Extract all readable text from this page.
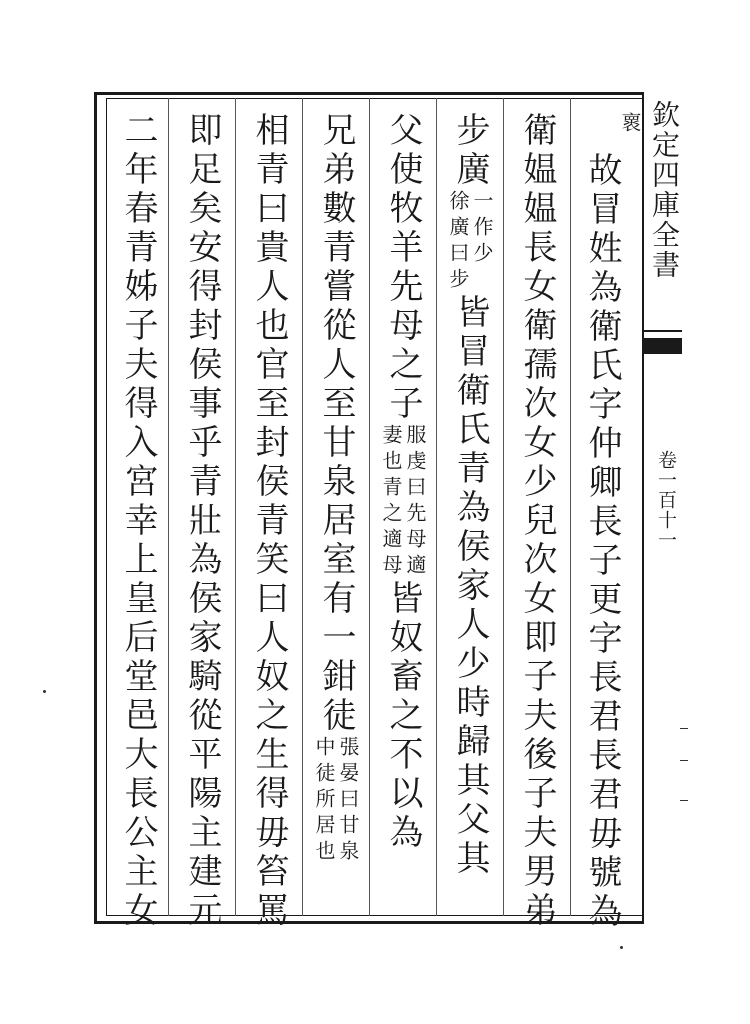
欽定四庫全書
卷一百十一
褱
故冒姓為衛氏字仲卿長子更字長君長君毋號為
衛媪媪長女衛孺次女少兒次女即子夫後子夫男弟
步廣
一作少
徐廣曰步
皆冒衛氏青為侯家人少時歸其父其
父使牧羊先母之子
服虔曰先母適
妻也青之適母
皆奴畜之不以為
兄弟數青嘗從人至甘泉居室有一鉗徒
張晏曰甘泉
中徒所居也
相青曰貴人也官至封侯青笑曰人奴之生得毋笞罵
即足矣安得封侯事乎青壯為侯家騎從平陽主建元
二年春青姊子夫得入宮幸上皇后堂邑大長公主女
